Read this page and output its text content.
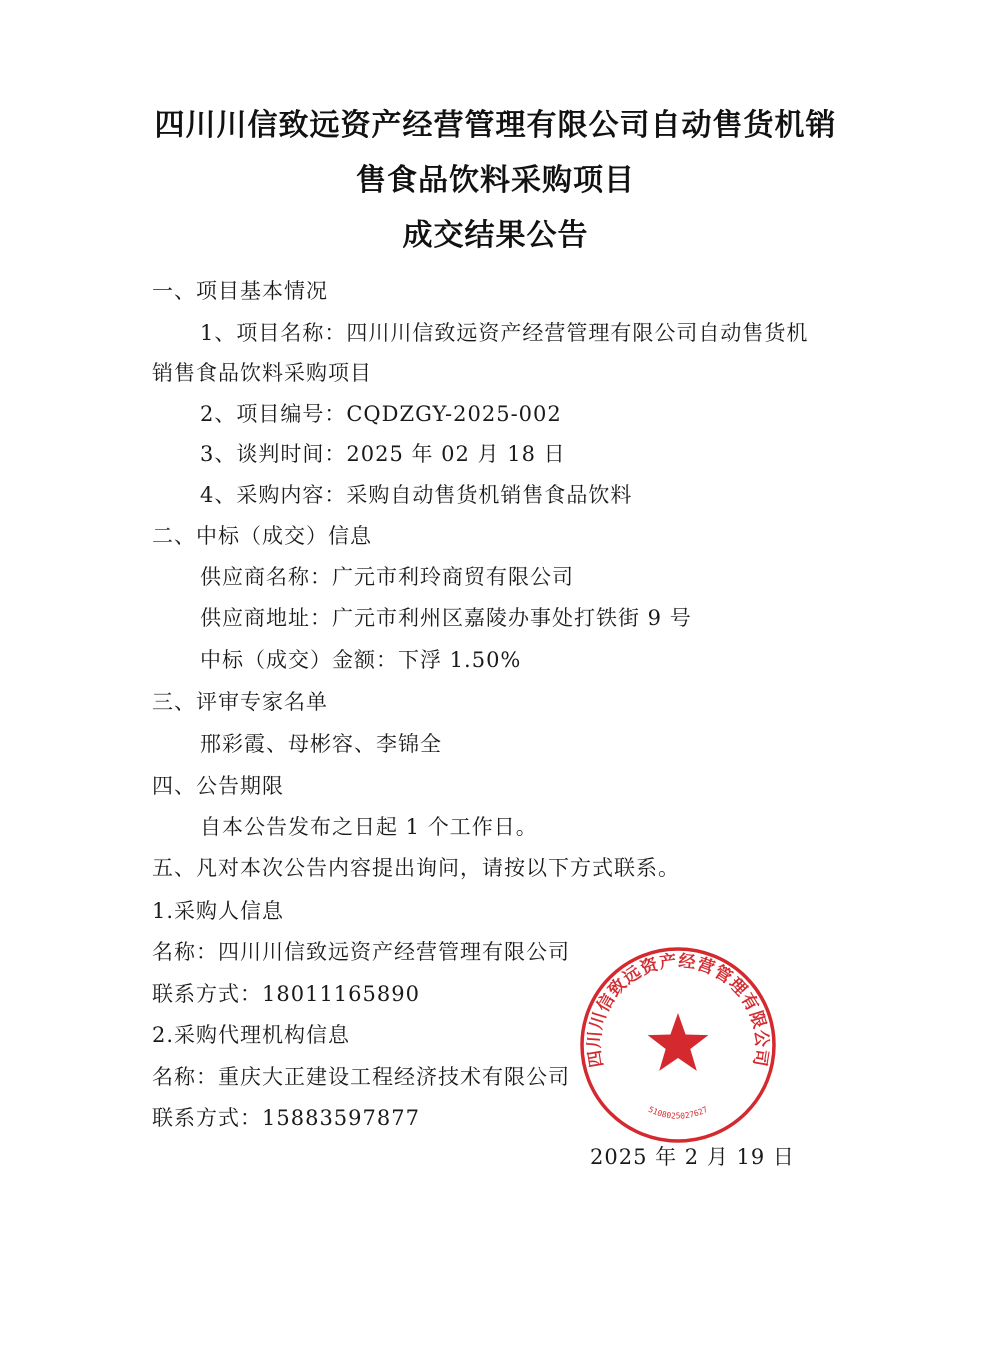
四川川信致远资产经营管理有限公司自动售货机销
售食品饮料采购项目
成交结果公告
一、项目基本情况
1、项目名称：四川川信致远资产经营管理有限公司自动售货机
销售食品饮料采购项目
2、项目编号：CQDZGY-2025-002
3、谈判时间：2025 年 02 月 18 日
4、采购内容：采购自动售货机销售食品饮料
二、中标（成交）信息
供应商名称：广元市利玲商贸有限公司
供应商地址：广元市利州区嘉陵办事处打铁街 9 号
中标（成交）金额：下浮 1.50%
三、评审专家名单
邢彩霞、母彬容、李锦全
四、公告期限
自本公告发布之日起 1 个工作日。
五、凡对本次公告内容提出询问，请按以下方式联系。
1.采购人信息
名称：四川川信致远资产经营管理有限公司
联系方式：18011165890
2.采购代理机构信息
名称：重庆大正建设工程经济技术有限公司
联系方式：15883597877
2025 年 2 月 19 日
四川川信致远资产经营管理有限公司
5108025027627
